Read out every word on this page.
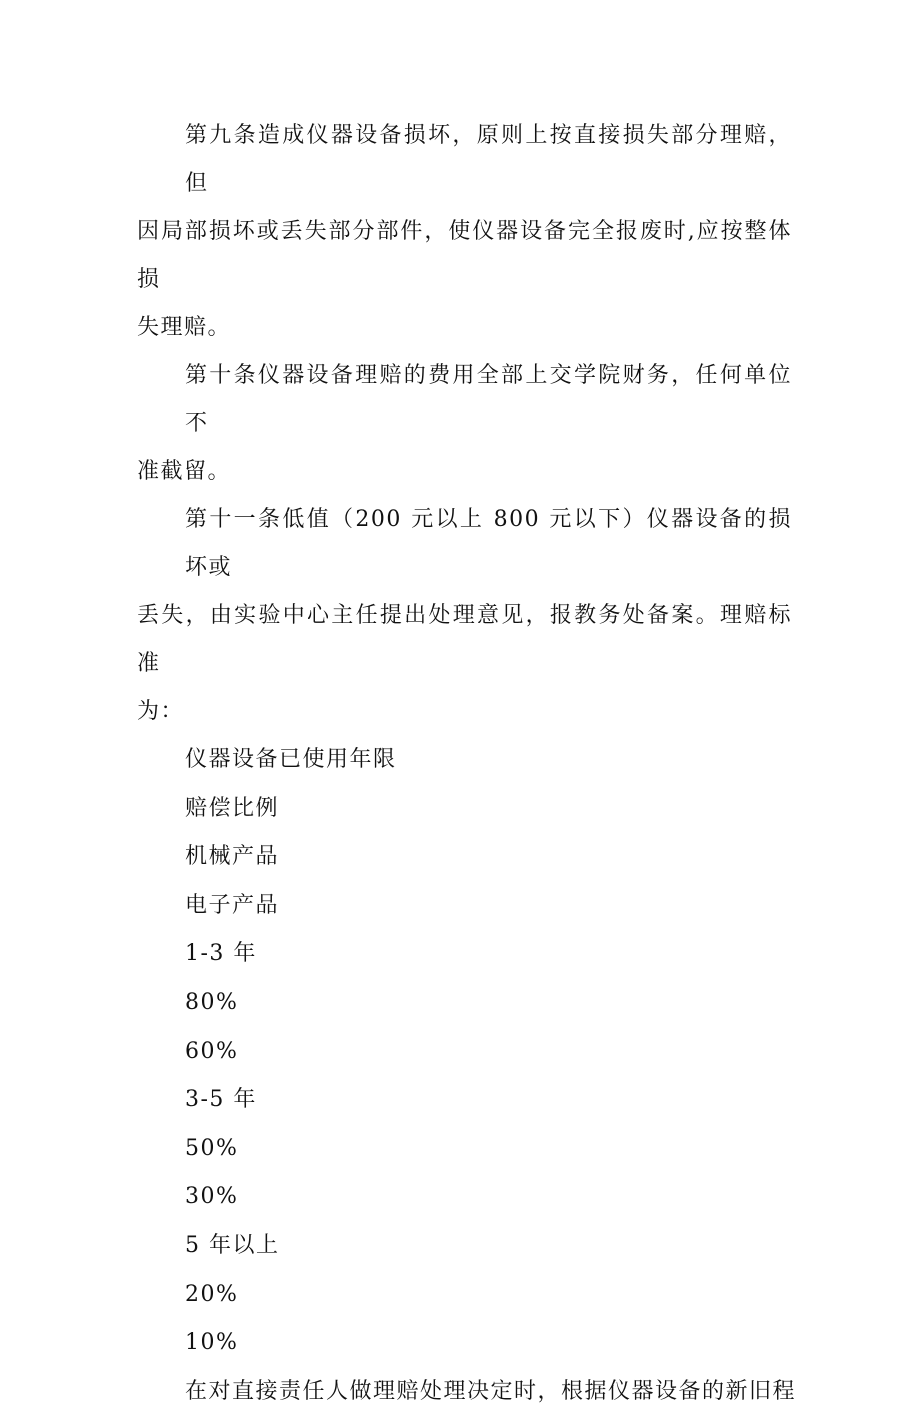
第九条造成仪器设备损坏，原则上按直接损失部分理赔，但
因局部损坏或丢失部分部件，使仪器设备完全报废时,应按整体损
失理赔。
第十条仪器设备理赔的费用全部上交学院财务，任何单位不
准截留。
第十一条低值（200 元以上 800 元以下）仪器设备的损坏或
丢失，由实验中心主任提出处理意见，报教务处备案。理赔标准
为：

仪器设备已使用年限

赔偿比例

机械产品

电子产品

1-3 年

80%

60%

3-5 年

50%

30%

5 年以上

20%

10%

在对直接责任人做理赔处理决定时，根据仪器设备的新旧程
